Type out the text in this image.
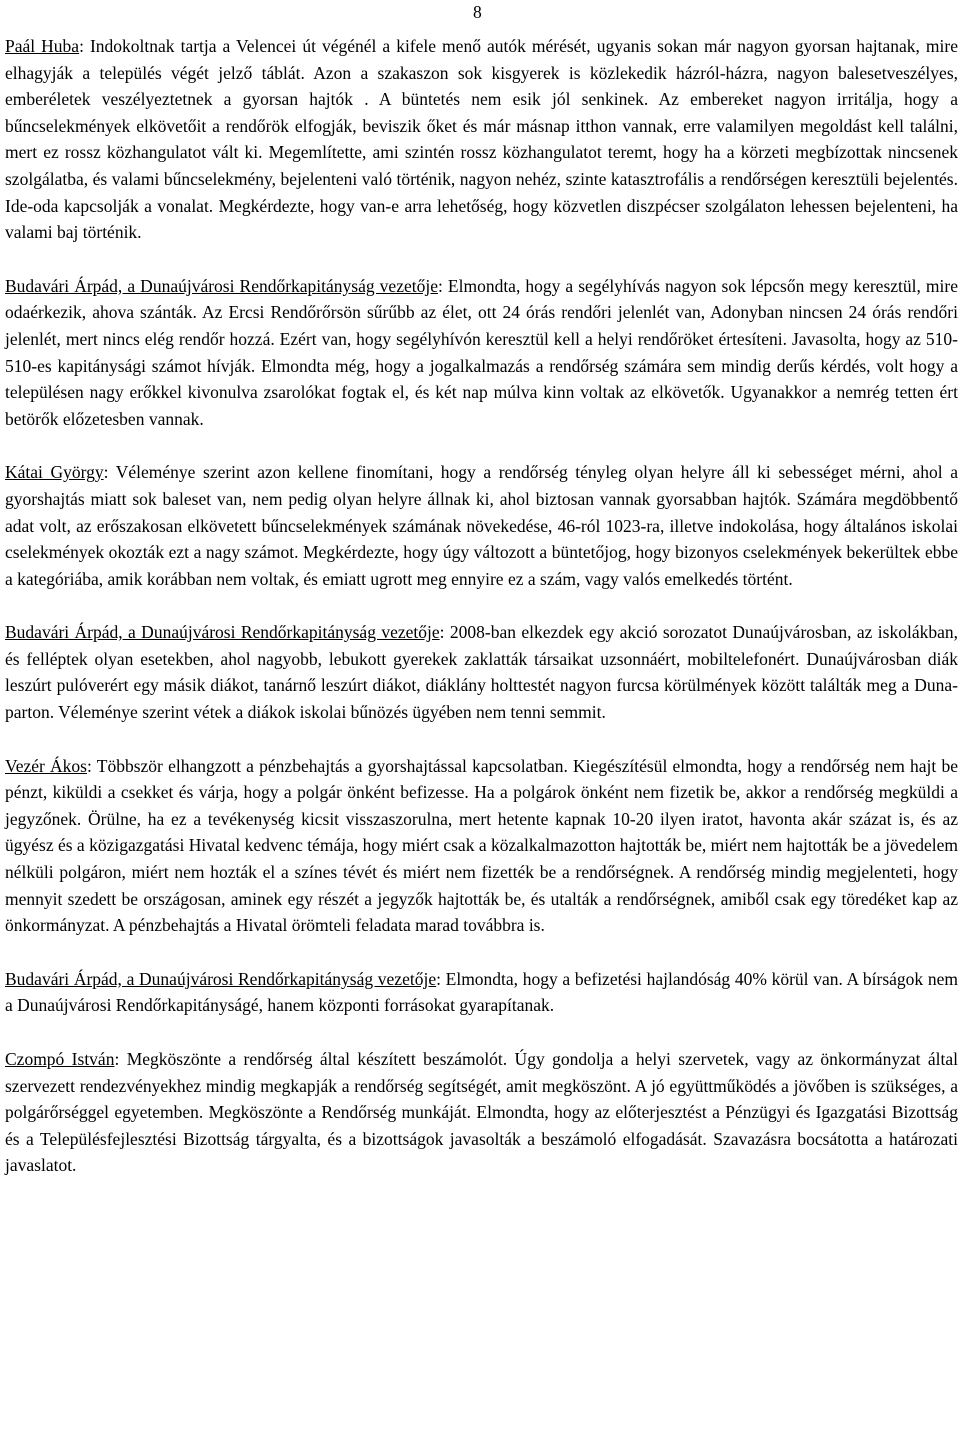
8

Paál Huba: Indokoltnak tartja a Velencei út végénél a kifele menő autók mérését, ugyanis sokan már nagyon gyorsan hajtanak, mire elhagyják a település végét jelző táblát. Azon a szakaszon sok kisgyerek is közlekedik házról-házra, nagyon balesetveszélyes, emberéletek veszélyeztetnek a gyorsan hajtók . A büntetés nem esik jól senkinek. Az embereket nagyon irritálja, hogy a bűncselekmények elkövetőit a rendőrök elfogják, beviszik őket és már másnap itthon vannak, erre valamilyen megoldást kell találni, mert ez rossz közhangulatot vált ki. Megemlítette, ami szintén rossz közhangulatot teremt, hogy ha a körzeti megbízottak nincsenek szolgálatba, és valami bűncselekmény, bejelenteni való történik, nagyon nehéz, szinte katasztrofális a rendőrségen keresztüli bejelentés. Ide-oda kapcsolják a vonalat. Megkérdezte, hogy van-e arra lehetőség, hogy közvetlen diszpécser szolgálaton lehessen bejelenteni, ha valami baj történik.

Budavári Árpád, a Dunaújvárosi Rendőrkapitányság vezetője: Elmondta, hogy a segélyhívás nagyon sok lépcsőn megy keresztül, mire odaérkezik, ahova szánták. Az Ercsi Rendőrőrsön sűrűbb az élet, ott 24 órás rendőri jelenlét van, Adonyban nincsen 24 órás rendőri jelenlét, mert nincs elég rendőr hozzá. Ezért van, hogy segélyhívón keresztül kell a helyi rendőröket értesíteni. Javasolta, hogy az 510-510-es kapitánysági számot hívják. Elmondta még, hogy a jogalkalmazás a rendőrség számára sem mindig derűs kérdés, volt hogy a településen nagy erőkkel kivonulva zsarolókat fogtak el, és két nap múlva kinn voltak az elkövetők. Ugyanakkor a nemrég tetten ért betörők előzetesben vannak.

Kátai György: Véleménye szerint azon kellene finomítani, hogy a rendőrség tényleg olyan helyre áll ki sebességet mérni, ahol a gyorshajtás miatt sok baleset van, nem pedig olyan helyre állnak ki, ahol biztosan vannak gyorsabban hajtók. Számára megdöbbentő adat volt, az erőszakosan elkövetett bűncselekmények számának növekedése, 46-ról 1023-ra, illetve indokolása, hogy általános iskolai cselekmények okozták ezt a nagy számot. Megkérdezte, hogy úgy változott a büntetőjog, hogy bizonyos cselekmények bekerültek ebbe a kategóriába, amik korábban nem voltak, és emiatt ugrott meg ennyire ez a szám, vagy valós emelkedés történt.

Budavári Árpád, a Dunaújvárosi Rendőrkapitányság vezetője: 2008-ban elkezdek egy akció sorozatot Dunaújvárosban, az iskolákban, és felléptek olyan esetekben, ahol nagyobb, lebukott gyerekek zaklatták társaikat uzsonnáért, mobiltelefonért. Dunaújvárosban diák leszúrt pulóverért egy másik diákot, tanárnő leszúrt diákot, diáklány holttestét nagyon furcsa körülmények között találták meg a Duna-parton. Véleménye szerint vétek a diákok iskolai bűnözés ügyében nem tenni semmit.

Vezér Ákos: Többször elhangzott a pénzbehajtás a gyorshajtással kapcsolatban. Kiegészítésül elmondta, hogy a rendőrség nem hajt be pénzt, kiküldi a csekket és várja, hogy a polgár önként befizesse. Ha a polgárok önként nem fizetik be, akkor a rendőrség megküldi a jegyzőnek. Örülne, ha ez a tevékenység kicsit visszaszorulna, mert hetente kapnak 10-20 ilyen iratot, havonta akár százat is, és az ügyész és a közigazgatási Hivatal kedvenc témája, hogy miért csak a közalkalmazotton hajtották be, miért nem hajtották be a jövedelem nélküli polgáron, miért nem hozták el a színes tévét és miért nem fizették be a rendőrségnek. A rendőrség mindig megjelenteti, hogy mennyit szedett be országosan, aminek egy részét a jegyzők hajtották be, és utalták a rendőrségnek, amiből csak egy töredéket kap az önkormányzat. A pénzbehajtás a Hivatal örömteli feladata marad továbbra is.

Budavári Árpád, a Dunaújvárosi Rendőrkapitányság vezetője: Elmondta, hogy a befizetési hajlandóság 40% körül van. A bírságok nem a Dunaújvárosi Rendőrkapitányságé, hanem központi forrásokat gyarapítanak.

Czompó István: Megköszönte a rendőrség által készített beszámolót. Úgy gondolja a helyi szervetek, vagy az önkormányzat által szervezett rendezvényekhez mindig megkapják a rendőrség segítségét, amit megköszönt. A jó együttműködés a jövőben is szükséges, a polgárőrséggel egyetemben. Megköszönte a Rendőrség munkáját. Elmondta, hogy az előterjesztést a Pénzügyi és Igazgatási Bizottság és a Településfejlesztési Bizottság tárgyalta, és a bizottságok javasolták a beszámoló elfogadását. Szavazásra bocsátotta a határozati javaslatot.
